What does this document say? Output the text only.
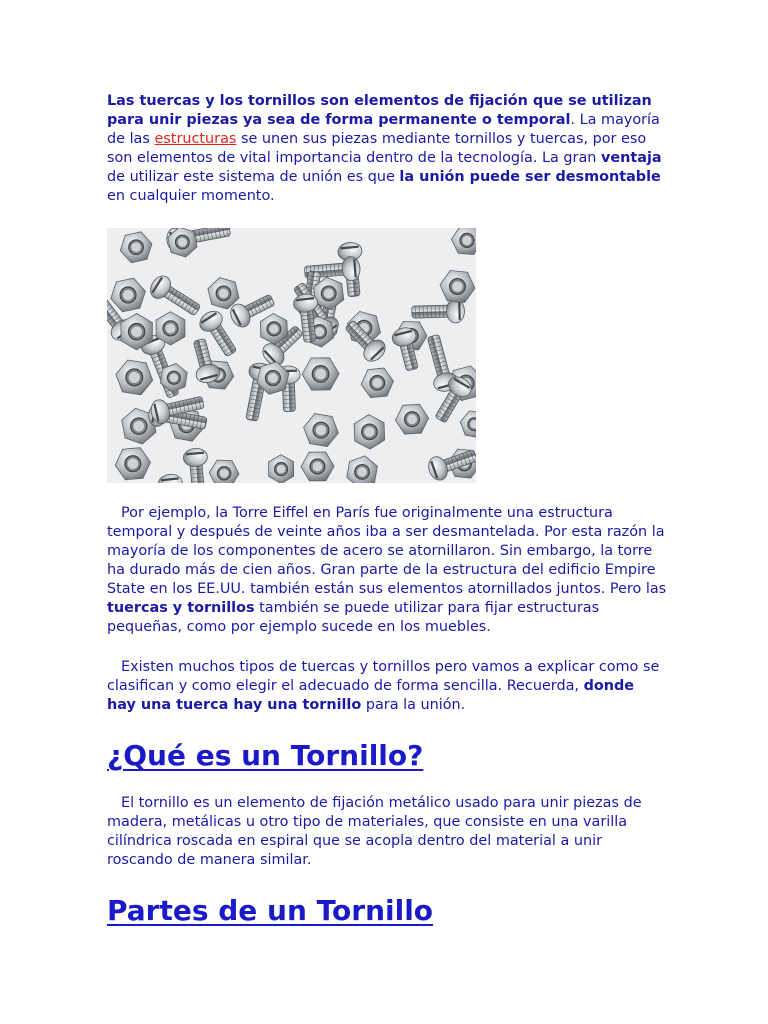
Las tuercas y los tornillos son elementos de fijación que se utilizan para unir piezas ya sea de forma permanente o temporal. La mayoría de las estructuras se unen sus piezas mediante tornillos y tuercas, por eso son elementos de vital importancia dentro de la tecnología. La gran ventaja de utilizar este sistema de unión es que la unión puede ser desmontable en cualquier momento.

Por ejemplo, la Torre Eiffel en París fue originalmente una estructura temporal y después de veinte años iba a ser desmantelada. Por esta razón la mayoría de los componentes de acero se atornillaron. Sin embargo, la torre ha durado más de cien años. Gran parte de la estructura del edificio Empire State en los EE.UU. también están sus elementos atornillados juntos. Pero las tuercas y tornillos también se puede utilizar para fijar estructuras pequeñas, como por ejemplo sucede en los muebles.

Existen muchos tipos de tuercas y tornillos pero vamos a explicar como se clasifican y como elegir el adecuado de forma sencilla. Recuerda, donde hay una tuerca hay una tornillo para la unión.

¿Qué es un Tornillo?

El tornillo es un elemento de fijación metálico usado para unir piezas de madera, metálicas u otro tipo de materiales, que consiste en una varilla cilíndrica roscada en espiral que se acopla dentro del material a unir roscando de manera similar.

Partes de un Tornillo
